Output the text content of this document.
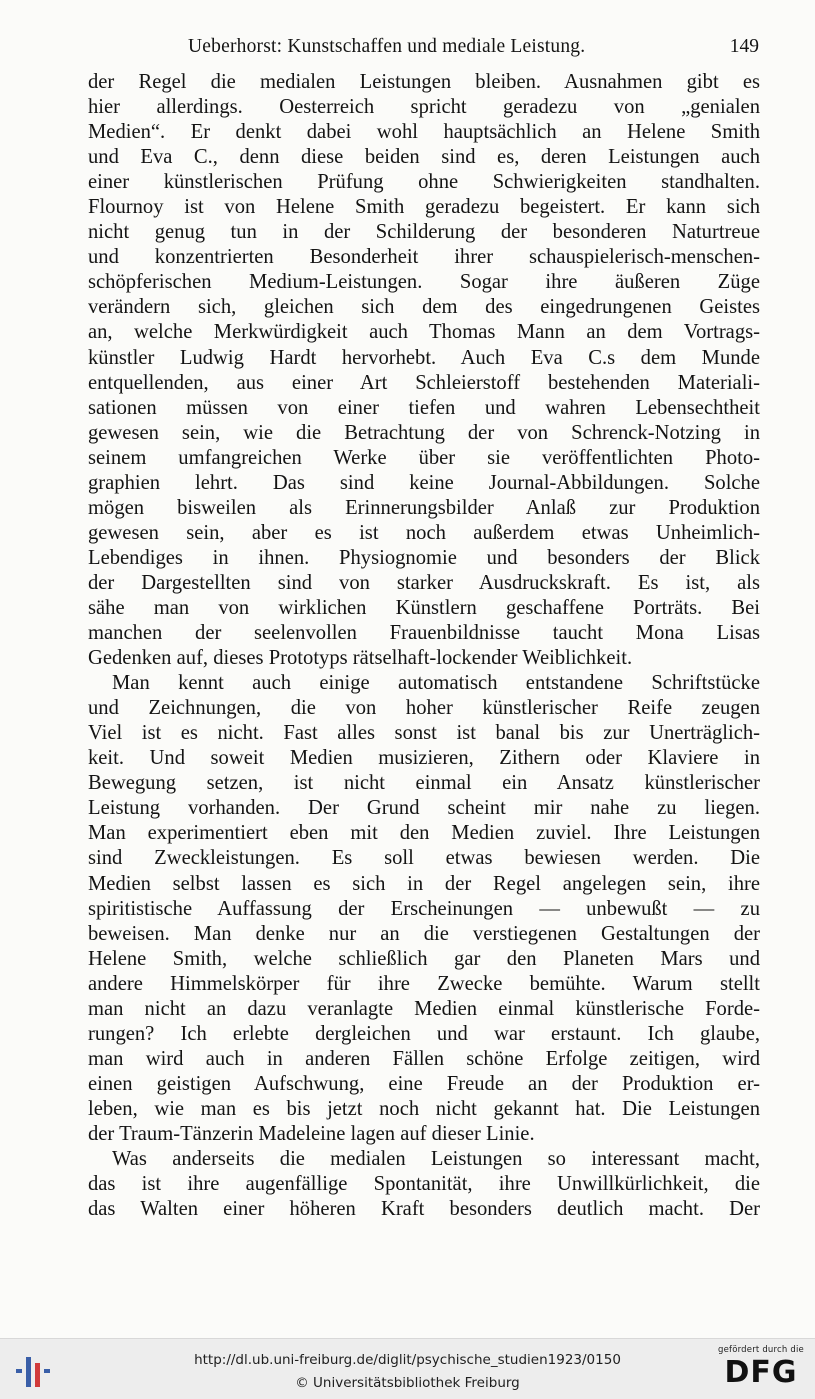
Ueberhorst: Kunstschaffen und mediale Leistung.	149
der Regel die medialen Leistungen bleiben. Ausnahmen gibt es
hier allerdings. Oesterreich spricht geradezu von „genialen
Medien“. Er denkt dabei wohl hauptsächlich an Helene Smith
und Eva C., denn diese beiden sind es, deren Leistungen auch
einer künstlerischen Prüfung ohne Schwierigkeiten standhalten.
Flournoy ist von Helene Smith geradezu begeistert. Er kann sich
nicht genug tun in der Schilderung der besonderen Naturtreue
und konzentrierten Besonderheit ihrer schauspielerisch-menschen-
schöpferischen Medium-Leistungen. Sogar ihre äußeren Züge
verändern sich, gleichen sich dem des eingedrungenen Geistes
an, welche Merkwürdigkeit auch Thomas Mann an dem Vortrags-
künstler Ludwig Hardt hervorhebt. Auch Eva C.s dem Munde
entquellenden, aus einer Art Schleierstoff bestehenden Materiali-
sationen müssen von einer tiefen und wahren Lebensechtheit
gewesen sein, wie die Betrachtung der von Schrenck-Notzing in
seinem umfangreichen Werke über sie veröffentlichten Photo-
graphien lehrt. Das sind keine Journal-Abbildungen. Solche
mögen bisweilen als Erinnerungsbilder Anlaß zur Produktion
gewesen sein, aber es ist noch außerdem etwas Unheimlich-
Lebendiges in ihnen. Physiognomie und besonders der Blick
der Dargestellten sind von starker Ausdruckskraft. Es ist, als
sähe man von wirklichen Künstlern geschaffene Porträts. Bei
manchen der seelenvollen Frauenbildnisse taucht Mona Lisas
Gedenken auf, dieses Prototyps rätselhaft-lockender Weiblichkeit.
Man kennt auch einige automatisch entstandene Schriftstücke
und Zeichnungen, die von hoher künstlerischer Reife zeugen
Viel ist es nicht. Fast alles sonst ist banal bis zur Unerträglich-
keit. Und soweit Medien musizieren, Zithern oder Klaviere in
Bewegung setzen, ist nicht einmal ein Ansatz künstlerischer
Leistung vorhanden. Der Grund scheint mir nahe zu liegen.
Man experimentiert eben mit den Medien zuviel. Ihre Leistungen
sind Zweckleistungen. Es soll etwas bewiesen werden. Die
Medien selbst lassen es sich in der Regel angelegen sein, ihre
spiritistische Auffassung der Erscheinungen — unbewußt — zu
beweisen. Man denke nur an die verstiegenen Gestaltungen der
Helene Smith, welche schließlich gar den Planeten Mars und
andere Himmelskörper für ihre Zwecke bemühte. Warum stellt
man nicht an dazu veranlagte Medien einmal künstlerische Forde-
rungen? Ich erlebte dergleichen und war erstaunt. Ich glaube,
man wird auch in anderen Fällen schöne Erfolge zeitigen, wird
einen geistigen Aufschwung, eine Freude an der Produktion er-
leben, wie man es bis jetzt noch nicht gekannt hat. Die Leistungen
der Traum-Tänzerin Madeleine lagen auf dieser Linie.
Was anderseits die medialen Leistungen so interessant macht,
das ist ihre augenfällige Spontanität, ihre Unwillkürlichkeit, die
das Walten einer höheren Kraft besonders deutlich macht. Der
http://dl.ub.uni-freiburg.de/diglit/psychische_studien1923/0150
© Universitätsbibliothek Freiburg
gefördert durch die
DFG
